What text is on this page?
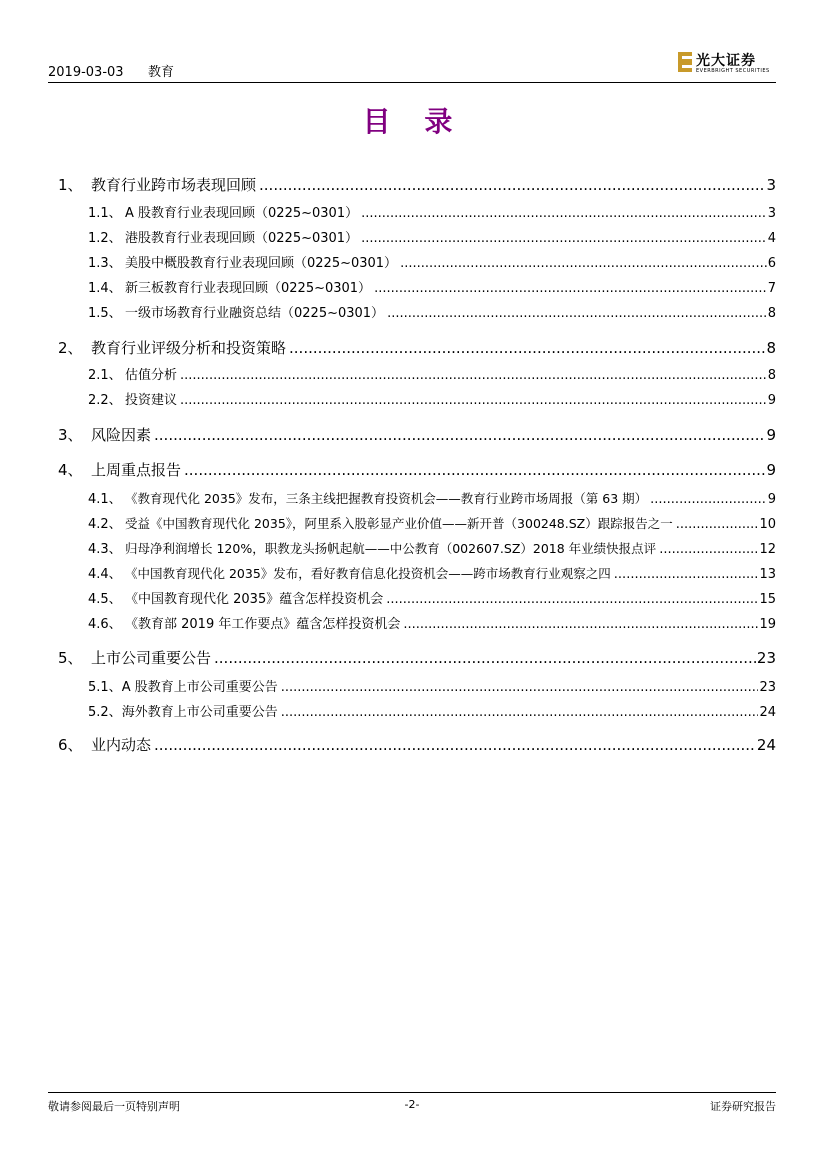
2019-03-03 教育
光大证券
EVERBRIGHT SECURITIES
目 录
1、 教育行业跨市场表现回顾 .....	3
1.1、 A 股教育行业表现回顾（0225~0301） .....	3
1.2、 港股教育行业表现回顾（0225~0301） .....	4
1.3、 美股中概股教育行业表现回顾（0225~0301） .....	6
1.4、 新三板教育行业表现回顾（0225~0301） .....	7
1.5、 一级市场教育行业融资总结（0225~0301） .....	8
2、 教育行业评级分析和投资策略 .....	8
2.1、 估值分析 .....	8
2.2、 投资建议 .....	9
3、 风险因素 .....	9
4、 上周重点报告 .....	9
4.1、 《教育现代化 2035》发布，三条主线把握教育投资机会——教育行业跨市场周报（第 63 期） .....	9
4.2、 受益《中国教育现代化 2035》，阿里系入股彰显产业价值——新开普（300248.SZ）跟踪报告之一 .....	10
4.3、 归母净利润增长 120%，职教龙头扬帆起航——中公教育（002607.SZ）2018 年业绩快报点评 .....	12
4.4、 《中国教育现代化 2035》发布，看好教育信息化投资机会——跨市场教育行业观察之四 .....	13
4.5、 《中国教育现代化 2035》蕴含怎样投资机会 .....	15
4.6、 《教育部 2019 年工作要点》蕴含怎样投资机会 .....	19
5、 上市公司重要公告 .....	23
5.1、 A 股教育上市公司重要公告 .....	23
5.2、 海外教育上市公司重要公告 .....	24
6、 业内动态 .....	24
敬请参阅最后一页特别声明	-2-	证券研究报告
